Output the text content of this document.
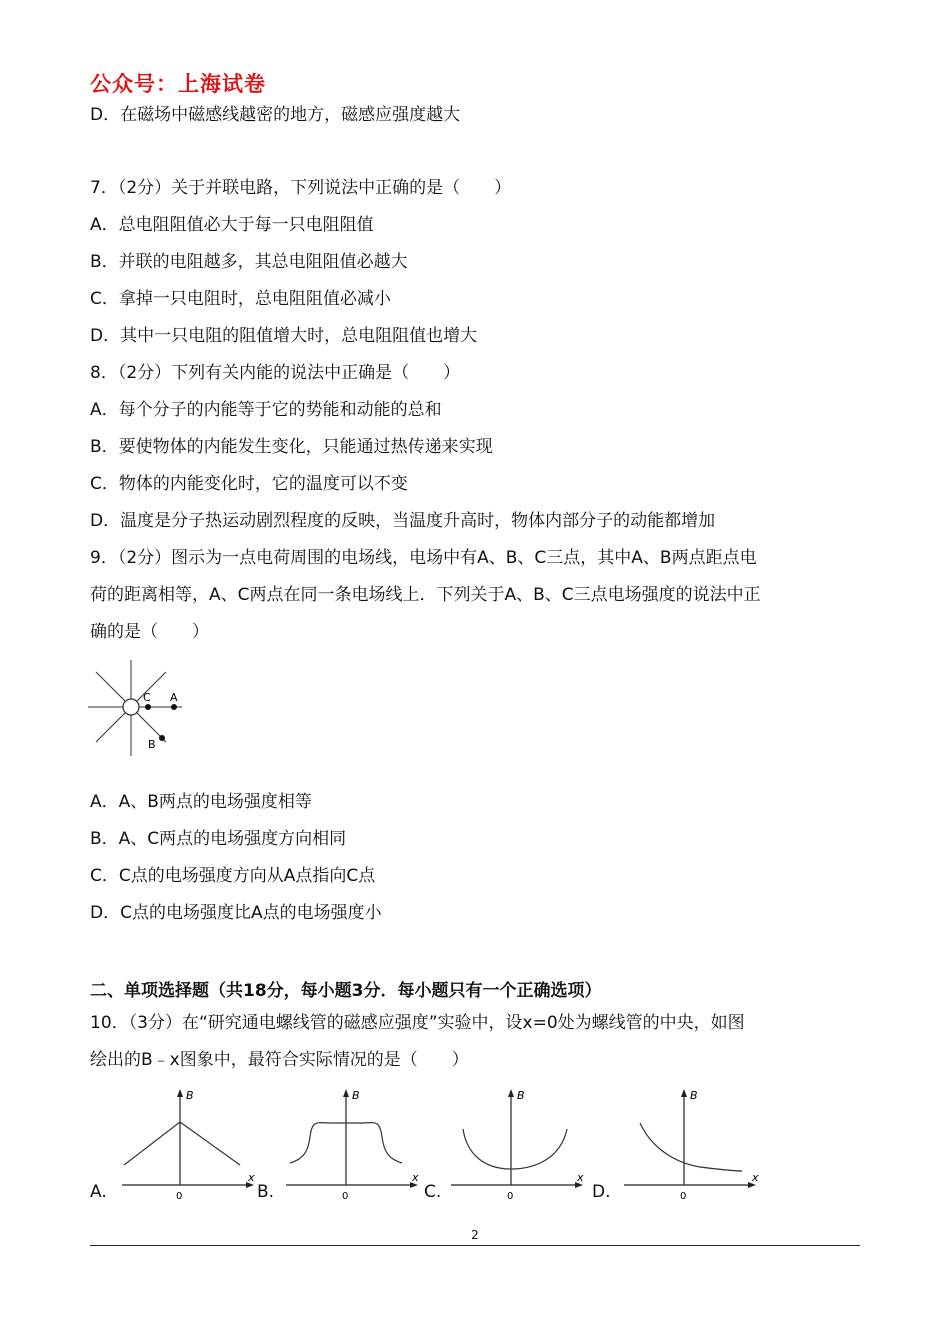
公众号：上海试卷
D．在磁场中磁感线越密的地方，磁感应强度越大
7．（2分）关于并联电路，下列说法中正确的是（　　）
A．总电阻阻值必大于每一只电阻阻值
B．并联的电阻越多，其总电阻阻值必越大
C．拿掉一只电阻时，总电阻阻值必减小
D．其中一只电阻的阻值增大时，总电阻阻值也增大
8．（2分）下列有关内能的说法中正确是（　　）
A．每个分子的内能等于它的势能和动能的总和
B．要使物体的内能发生变化，只能通过热传递来实现
C．物体的内能变化时，它的温度可以不变
D．温度是分子热运动剧烈程度的反映，当温度升高时，物体内部分子的动能都增加
9．（2分）图示为一点电荷周围的电场线，电场中有A、B、C三点，其中A、B两点距点电
荷的距离相等，A、C两点在同一条电场线上．下列关于A、B、C三点电场强度的说法中正
确的是（　　）
C A
B
A．A、B两点的电场强度相等
B．A、C两点的电场强度方向相同
C．C点的电场强度方向从A点指向C点
D．C点的电场强度比A点的电场强度小
二、单项选择题（共18分，每小题3分．每小题只有一个正确选项）
10．（3分）在“研究通电螺线管的磁感应强度”实验中，设x=0处为螺线管的中央，如图
绘出的B﹣x图象中，最符合实际情况的是（　　）
A.	B.	C.	D.
B
x
0
B
x
0
B
x
0
B
x
0
2
